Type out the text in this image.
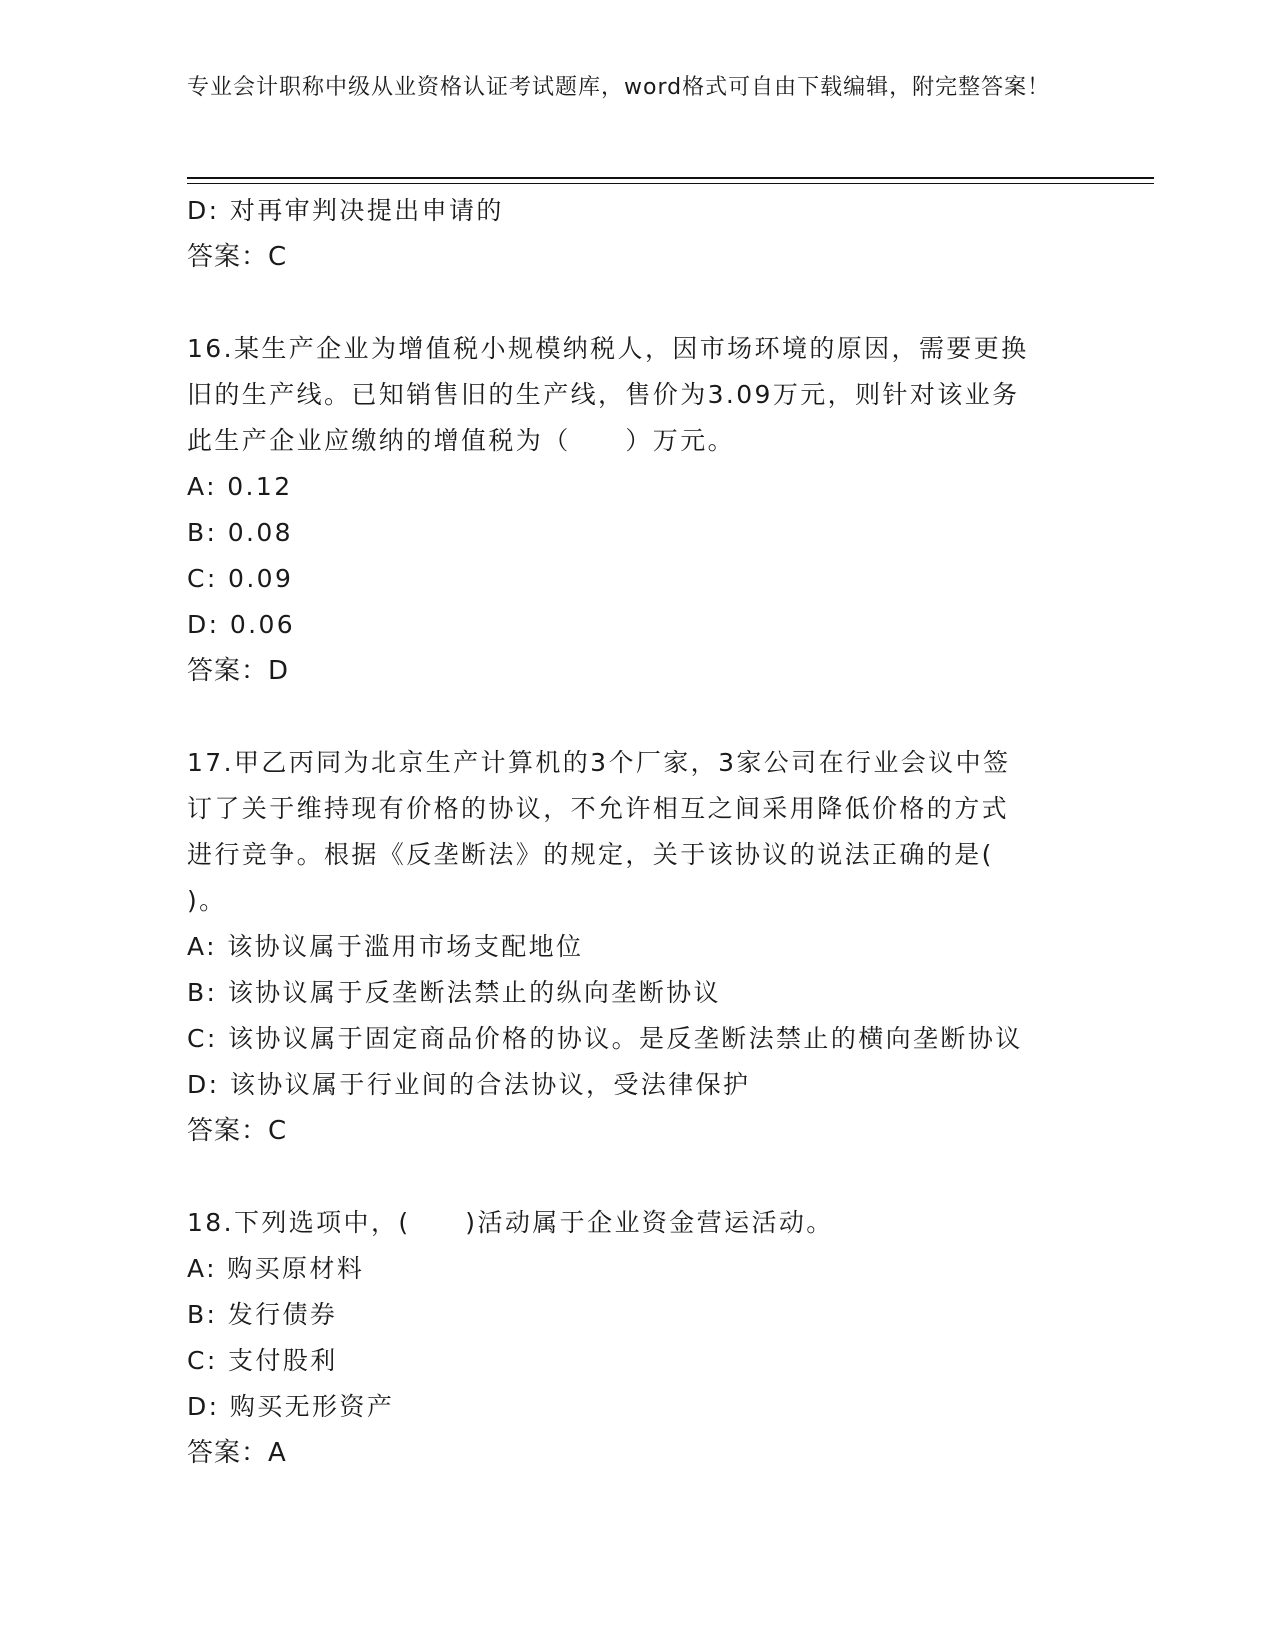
专业会计职称中级从业资格认证考试题库，word格式可自由下载编辑，附完整答案！
D: 对再审判决提出申请的
答案：C
16.某生产企业为增值税小规模纳税人，因市场环境的原因，需要更换
旧的生产线。已知销售旧的生产线，售价为3.09万元，则针对该业务
此生产企业应缴纳的增值税为（　　）万元。
A: 0.12
B: 0.08
C: 0.09
D: 0.06
答案：D
17.甲乙丙同为北京生产计算机的3个厂家，3家公司在行业会议中签
订了关于维持现有价格的协议，不允许相互之间采用降低价格的方式
进行竞争。根据《反垄断法》的规定，关于该协议的说法正确的是(
)。
A: 该协议属于滥用市场支配地位
B: 该协议属于反垄断法禁止的纵向垄断协议
C: 该协议属于固定商品价格的协议。是反垄断法禁止的横向垄断协议
D: 该协议属于行业间的合法协议，受法律保护
答案：C
18.下列选项中，(　　)活动属于企业资金营运活动。
A: 购买原材料
B: 发行债券
C: 支付股利
D: 购买无形资产
答案：A
